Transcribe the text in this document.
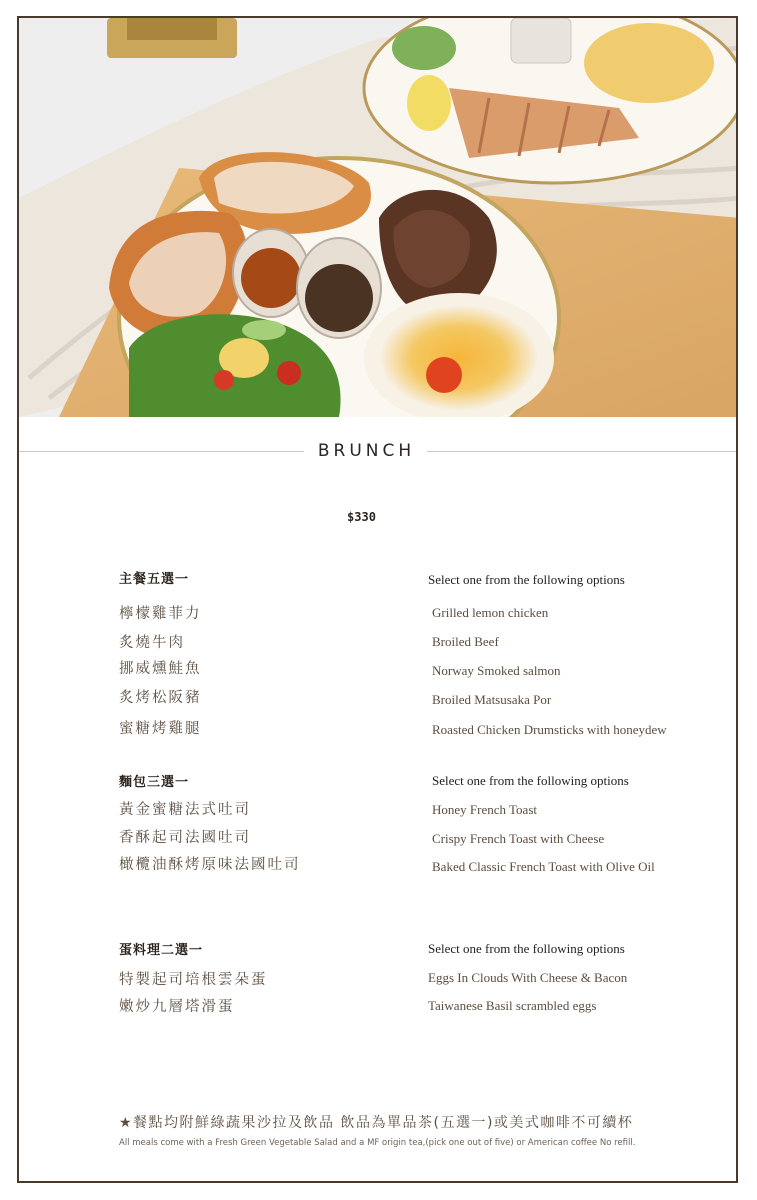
BRUNCH
$330
主餐五選一	Select one from the following options
檸檬雞菲力	Grilled lemon chicken
炙燒牛肉	Broiled Beef
挪威燻鮭魚	Norway Smoked salmon
炙烤松阪豬	Broiled Matsusaka Por
蜜糖烤雞腿	Roasted Chicken Drumsticks with honeydew
麵包三選一	Select one from the following options
黃金蜜糖法式吐司	Honey French Toast
香酥起司法國吐司	Crispy French Toast with Cheese
橄欖油酥烤原味法國吐司	Baked Classic French Toast with Olive Oil
蛋料理二選一	Select one from the following options
特製起司培根雲朵蛋	Eggs In Clouds With Cheese & Bacon
嫩炒九層塔滑蛋	Taiwanese Basil scrambled eggs
★餐點均附鮮綠蔬果沙拉及飲品 飲品為單品茶(五選一)或美式咖啡不可續杯
All meals come with a Fresh Green Vegetable Salad and a MF origin tea,(pick one out of five) or American coffee No refill.
